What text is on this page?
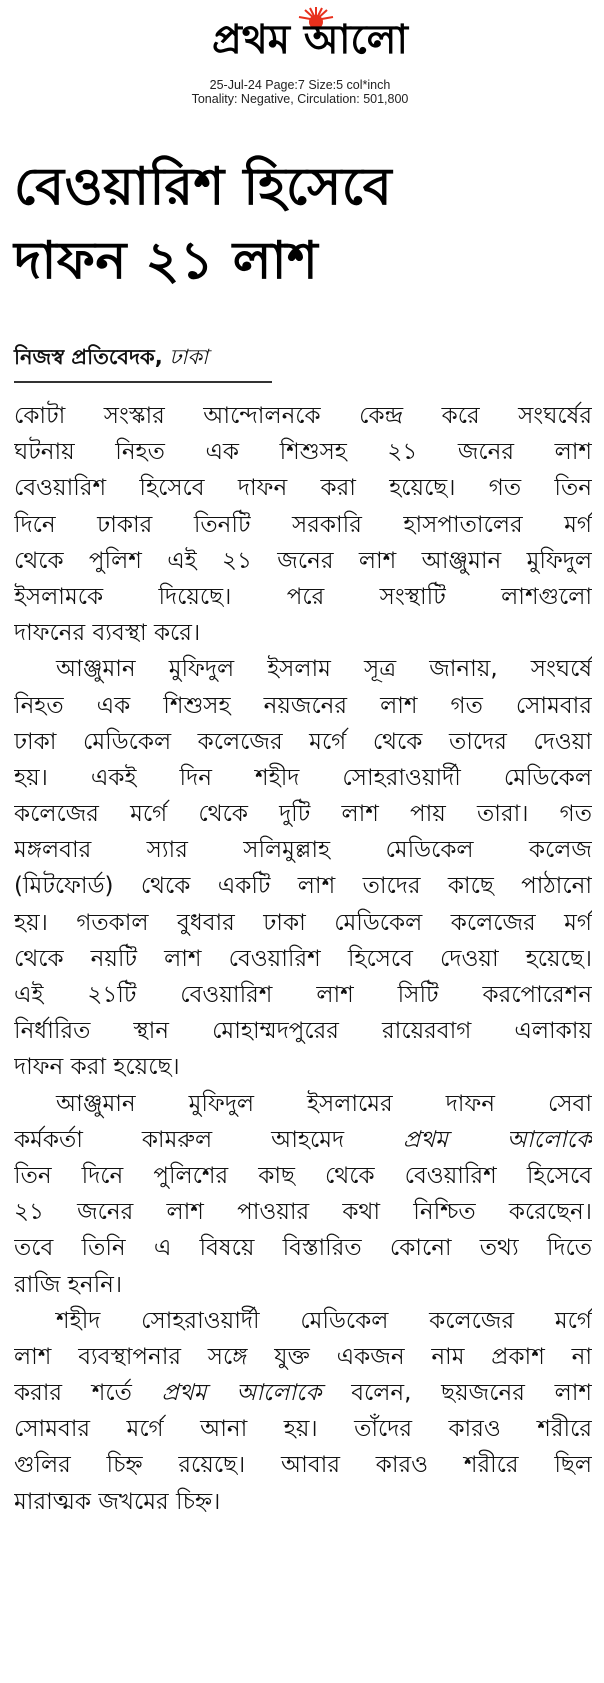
প্রথম আলো
25-Jul-24 Page:7 Size:5 col*inch
Tonality: Negative, Circulation: 501,800
বেওয়ারিশ হিসেবে
দাফন ২১ লাশ
নিজস্ব প্রতিবেদক, ঢাকা
কোটা সংস্কার আন্দোলনকে কেন্দ্র করে সংঘর্ষের
ঘটনায় নিহত এক শিশুসহ ২১ জনের লাশ
বেওয়ারিশ হিসেবে দাফন করা হয়েছে। গত তিন
দিনে ঢাকার তিনটি সরকারি হাসপাতালের মর্গ
থেকে পুলিশ এই ২১ জনের লাশ আঞ্জুমান মুফিদুল
ইসলামকে দিয়েছে। পরে সংস্থাটি লাশগুলো
দাফনের ব্যবস্থা করে।
আঞ্জুমান মুফিদুল ইসলাম সূত্র জানায়, সংঘর্ষে
নিহত এক শিশুসহ নয়জনের লাশ গত সোমবার
ঢাকা মেডিকেল কলেজের মর্গে থেকে তাদের দেওয়া
হয়। একই দিন শহীদ সোহরাওয়ার্দী মেডিকেল
কলেজের মর্গে থেকে দুটি লাশ পায় তারা। গত
মঙ্গলবার স্যার সলিমুল্লাহ মেডিকেল কলেজ
(মিটফোর্ড) থেকে একটি লাশ তাদের কাছে পাঠানো
হয়। গতকাল বুধবার ঢাকা মেডিকেল কলেজের মর্গ
থেকে নয়টি লাশ বেওয়ারিশ হিসেবে দেওয়া হয়েছে।
এই ২১টি বেওয়ারিশ লাশ সিটি করপোরেশন
নির্ধারিত স্থান মোহাম্মদপুরের রায়েরবাগ এলাকায়
দাফন করা হয়েছে।
আঞ্জুমান মুফিদুল ইসলামের দাফন সেবা
কর্মকর্তা কামরুল আহমেদ প্রথম আলোকে
তিন দিনে পুলিশের কাছ থেকে বেওয়ারিশ হিসেবে
২১ জনের লাশ পাওয়ার কথা নিশ্চিত করেছেন।
তবে তিনি এ বিষয়ে বিস্তারিত কোনো তথ্য দিতে
রাজি হননি।
শহীদ সোহরাওয়ার্দী মেডিকেল কলেজের মর্গে
লাশ ব্যবস্থাপনার সঙ্গে যুক্ত একজন নাম প্রকাশ না
করার শর্তে প্রথম আলোকে বলেন, ছয়জনের লাশ
সোমবার মর্গে আনা হয়। তাঁদের কারও শরীরে
গুলির চিহ্ন রয়েছে। আবার কারও শরীরে ছিল
মারাত্মক জখমের চিহ্ন।
